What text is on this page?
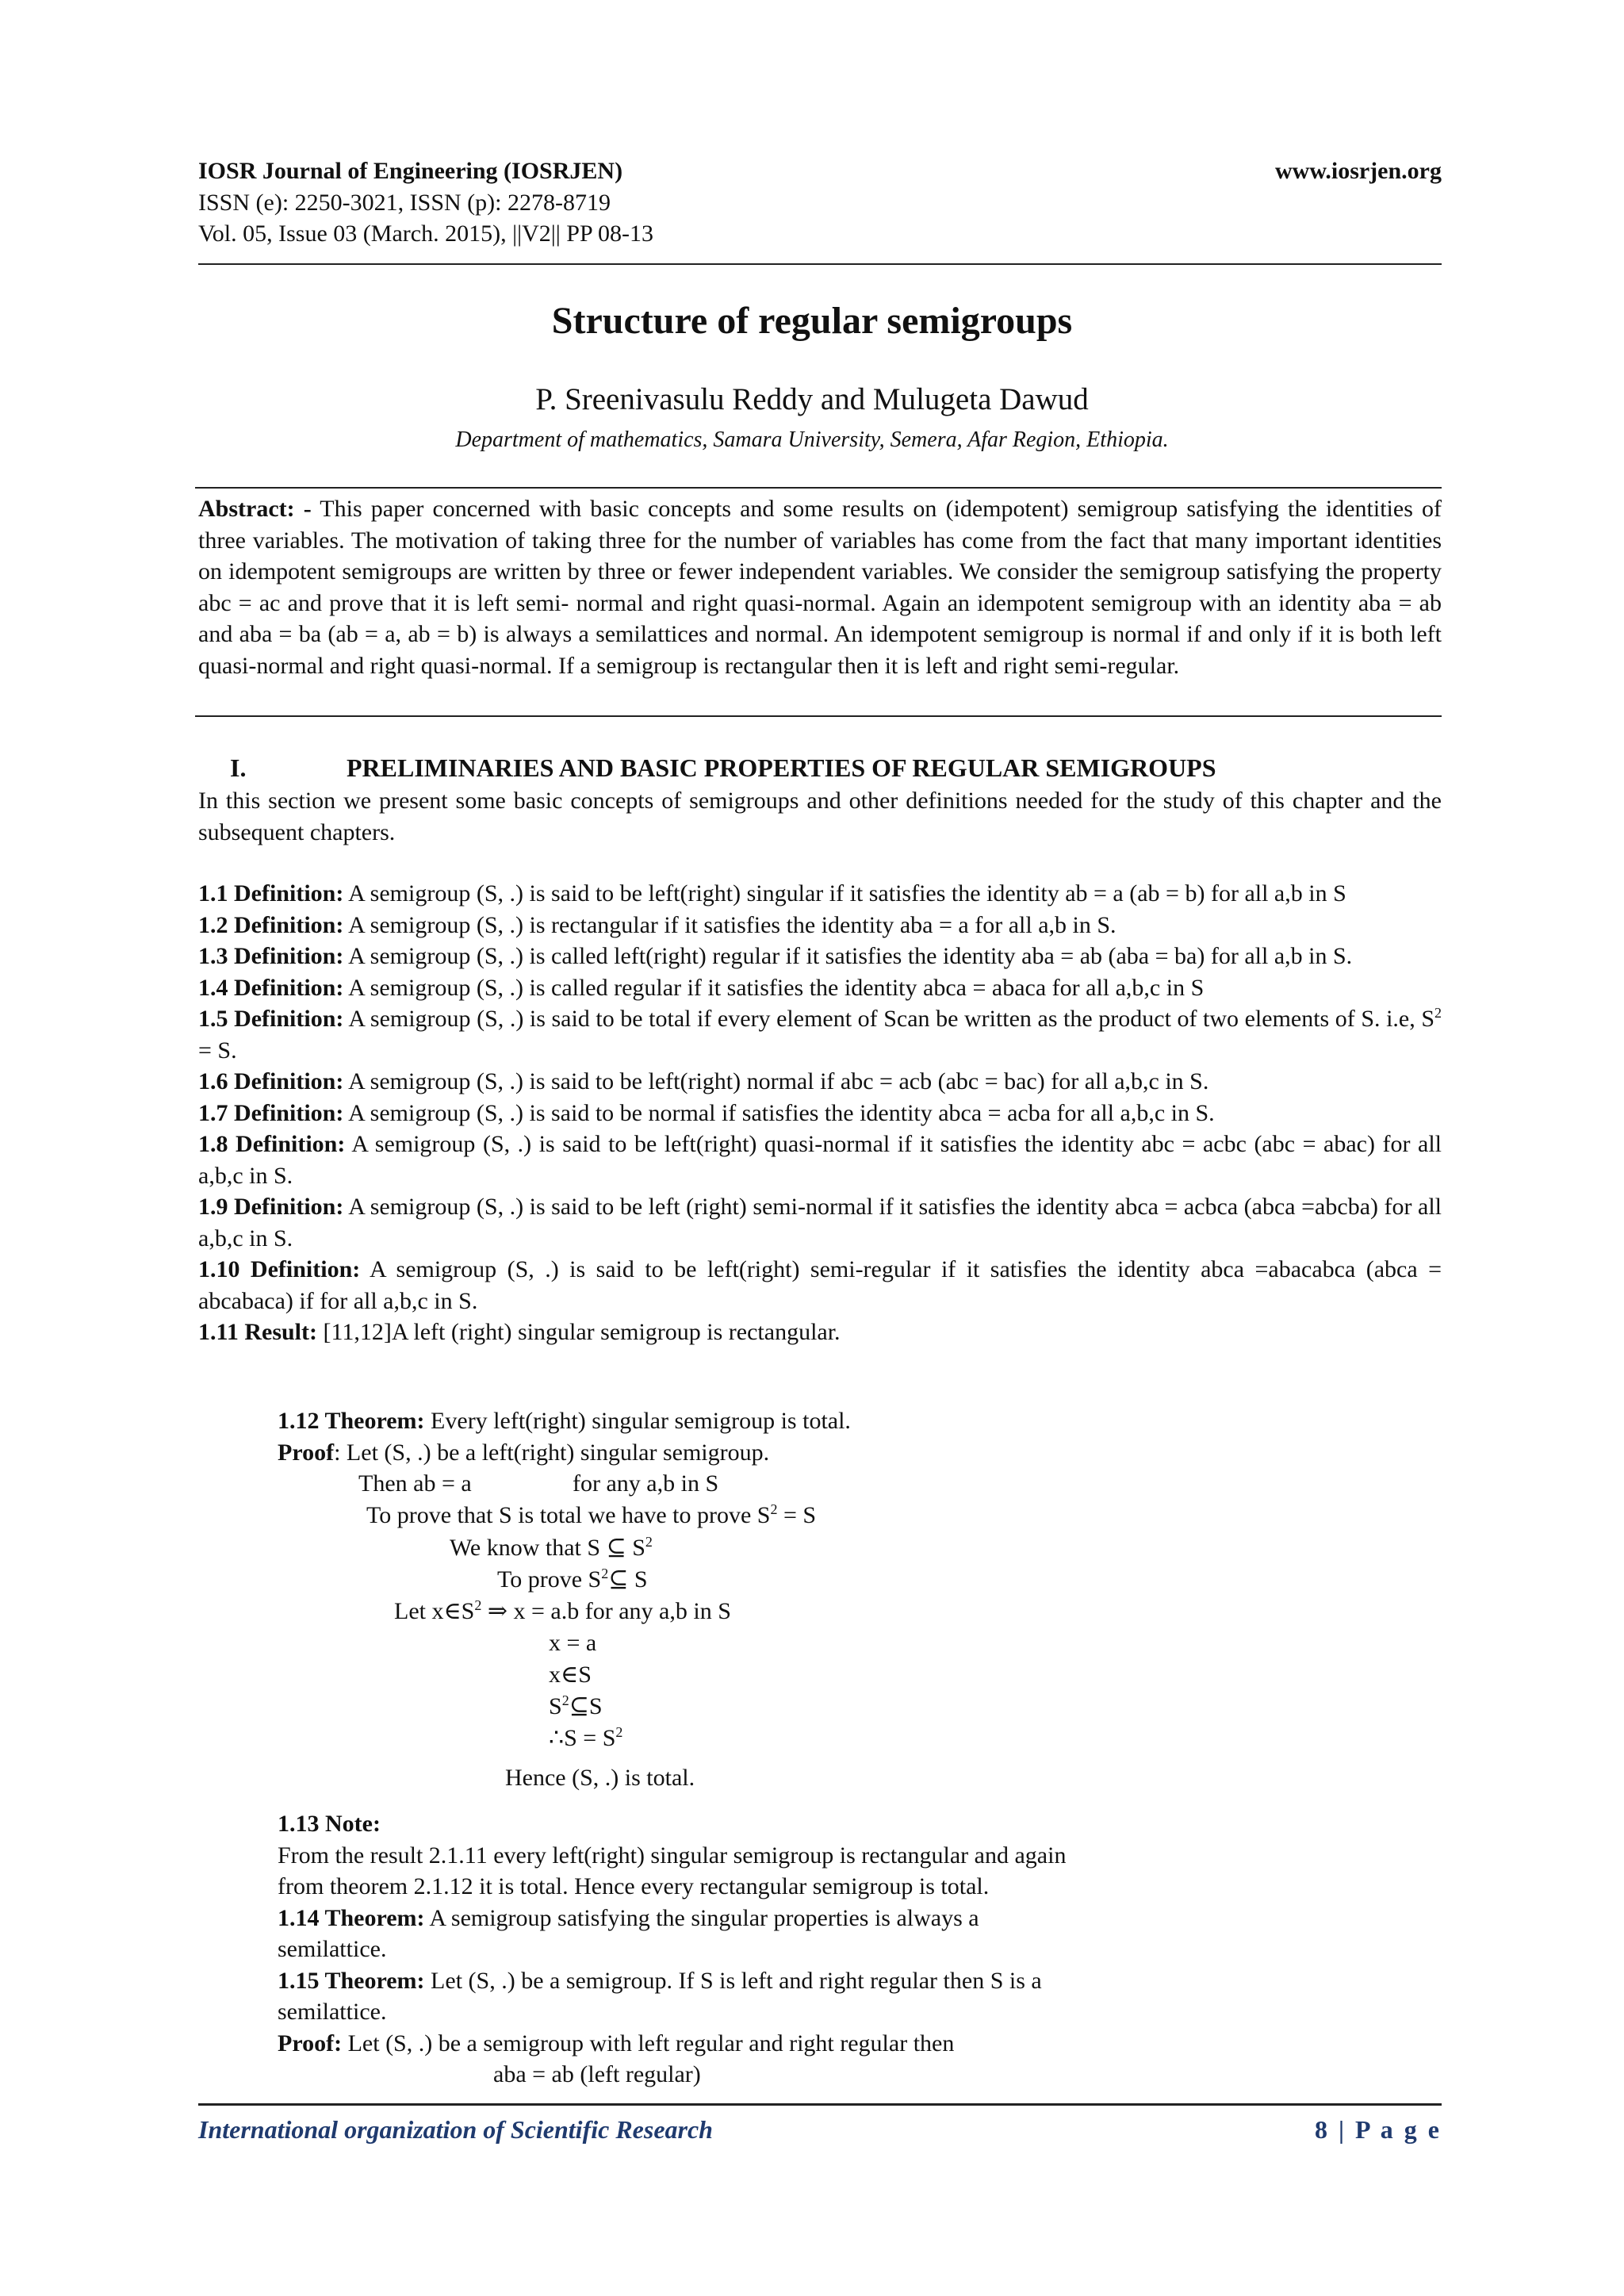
IOSR Journal of Engineering (IOSRJEN)	www.iosrjen.org
ISSN (e): 2250-3021, ISSN (p): 2278-8719
Vol. 05, Issue 03 (March. 2015), ||V2|| PP 08-13
Structure of regular semigroups
P. Sreenivasulu Reddy and Mulugeta Dawud
Department of mathematics, Samara University, Semera, Afar Region, Ethiopia.

Abstract: - This paper concerned with basic concepts and some results on (idempotent) semigroup satisfying the identities of three variables. The motivation of taking three for the number of variables has come from the fact that many important identities on idempotent semigroups are written by three or fewer independent variables. We consider the semigroup satisfying the property abc = ac and prove that it is left semi- normal and right quasi-normal. Again an idempotent semigroup with an identity aba = ab and aba = ba (ab = a, ab = b) is always a semilattices and normal. An idempotent semigroup is normal if and only if it is both left quasi-normal and right quasi-normal. If a semigroup is rectangular then it is left and right semi-regular.

I.	PRELIMINARIES AND BASIC PROPERTIES OF REGULAR SEMIGROUPS

In this section we present some basic concepts of semigroups and other definitions needed for the study of this chapter and the subsequent chapters.

1.1 Definition: A semigroup (S, .) is said to be left(right) singular if it satisfies the identity ab = a (ab = b) for all a,b in S

1.2 Definition: A semigroup (S, .) is rectangular if it satisfies the identity aba = a for all a,b in S.

1.3 Definition: A semigroup (S, .) is called left(right) regular if it satisfies the identity aba = ab (aba = ba) for all a,b in S.

1.4 Definition: A semigroup (S, .) is called regular if it satisfies the identity abca = abaca for all a,b,c in S

1.5 Definition: A semigroup (S, .) is said to be total if every element of Scan be written as the product of two elements of S. i.e, $S^2 = S$.

1.6 Definition: A semigroup (S, .) is said to be left(right) normal if abc = acb (abc = bac) for all a,b,c in S.

1.7 Definition: A semigroup (S, .) is said to be normal if satisfies the identity abca = acba for all a,b,c in S.

1.8 Definition: A semigroup (S, .) is said to be left(right) quasi-normal if it satisfies the identity abc = acbc (abc = abac) for all a,b,c in S.

1.9 Definition: A semigroup (S, .) is said to be left (right) semi-normal if it satisfies the identity abca = acbca (abca =abcba) for all a,b,c in S.

1.10 Definition: A semigroup (S, .) is said to be left(right) semi-regular if it satisfies the identity abca =abacabca (abca = abcabaca) if for all a,b,c in S.

1.11 Result: [11,12]A left (right) singular semigroup is rectangular.

1.12 Theorem: Every left(right) singular semigroup is total.

Proof: Let (S, .) be a left(right) singular semigroup.

Then ab = a	for any a,b in S
To prove that S is total we have to prove $S^2 = S$
We know that S ⊆ $S^2$
To prove $S^2⊆$ S
Let $x\in S^2$ ⇒ x = a.b for any a,b in S
x = a
x∈S
$S^2⊆S$
∴S = $S^2$
Hence (S, .) is total.

1.13 Note:

From the result 2.1.11 every left(right) singular semigroup is rectangular and again

from theorem 2.1.12 it is total. Hence every rectangular semigroup is total.

1.14 Theorem: A semigroup satisfying the singular properties is always a

semilattice.

1.15 Theorem: Let (S, .) be a semigroup. If S is left and right regular then S is a

semilattice.

Proof: Let (S, .) be a semigroup with left regular and right regular then

aba = ab (left regular)

International organization of Scientific Research	8 | P a g e
